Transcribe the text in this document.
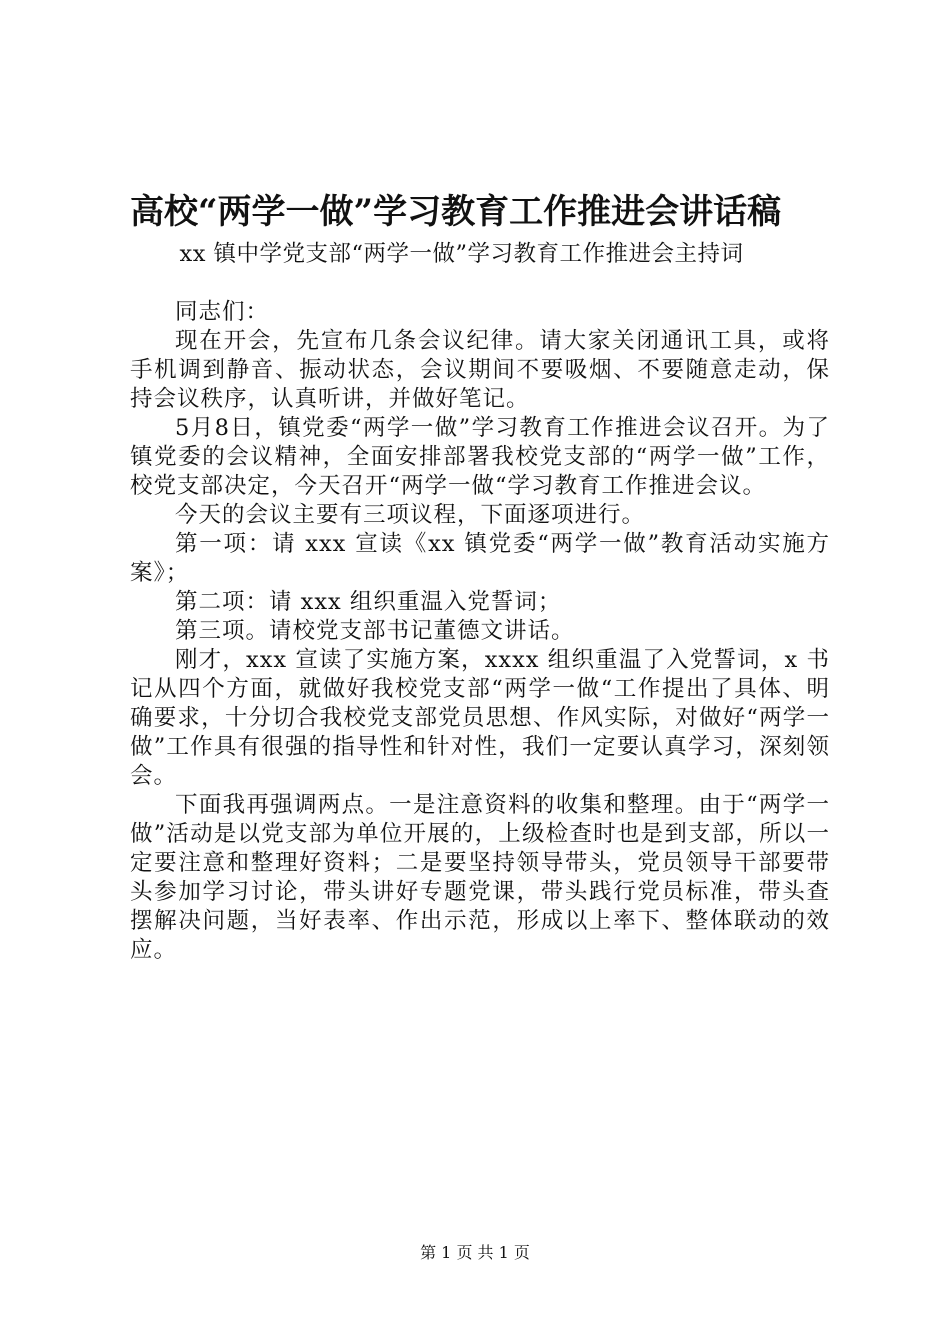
高校“两学一做”学习教育工作推进会讲话稿

xx 镇中学党支部“两学一做”学习教育工作推进会主持词

同志们：

现在开会，先宣布几条会议纪律。请大家关闭通讯工具，或将手机调到静音、振动状态，会议期间不要吸烟、不要随意走动，保持会议秩序，认真听讲，并做好笔记。

5月8日，镇党委“两学一做”学习教育工作推进会议召开。为了镇党委的会议精神，全面安排部署我校党支部的“两学一做”工作，校党支部决定，今天召开“两学一做“学习教育工作推进会议。

今天的会议主要有三项议程，下面逐项进行。

第一项：请 xxx 宣读《xx 镇党委“两学一做”教育活动实施方案》；

第二项：请 xxx 组织重温入党誓词；

第三项。请校党支部书记董德文讲话。

刚才，xxx 宣读了实施方案，xxxx 组织重温了入党誓词，x 书记从四个方面，就做好我校党支部“两学一做“工作提出了具体、明确要求，十分切合我校党支部党员思想、作风实际，对做好“两学一做”工作具有很强的指导性和针对性，我们一定要认真学习，深刻领会。

下面我再强调两点。一是注意资料的收集和整理。由于“两学一做”活动是以党支部为单位开展的，上级检查时也是到支部，所以一定要注意和整理好资料；二是要坚持领导带头，党员领导干部要带头参加学习讨论，带头讲好专题党课，带头践行党员标准，带头查摆解决问题，当好表率、作出示范，形成以上率下、整体联动的效应。

第 1 页 共 1 页
